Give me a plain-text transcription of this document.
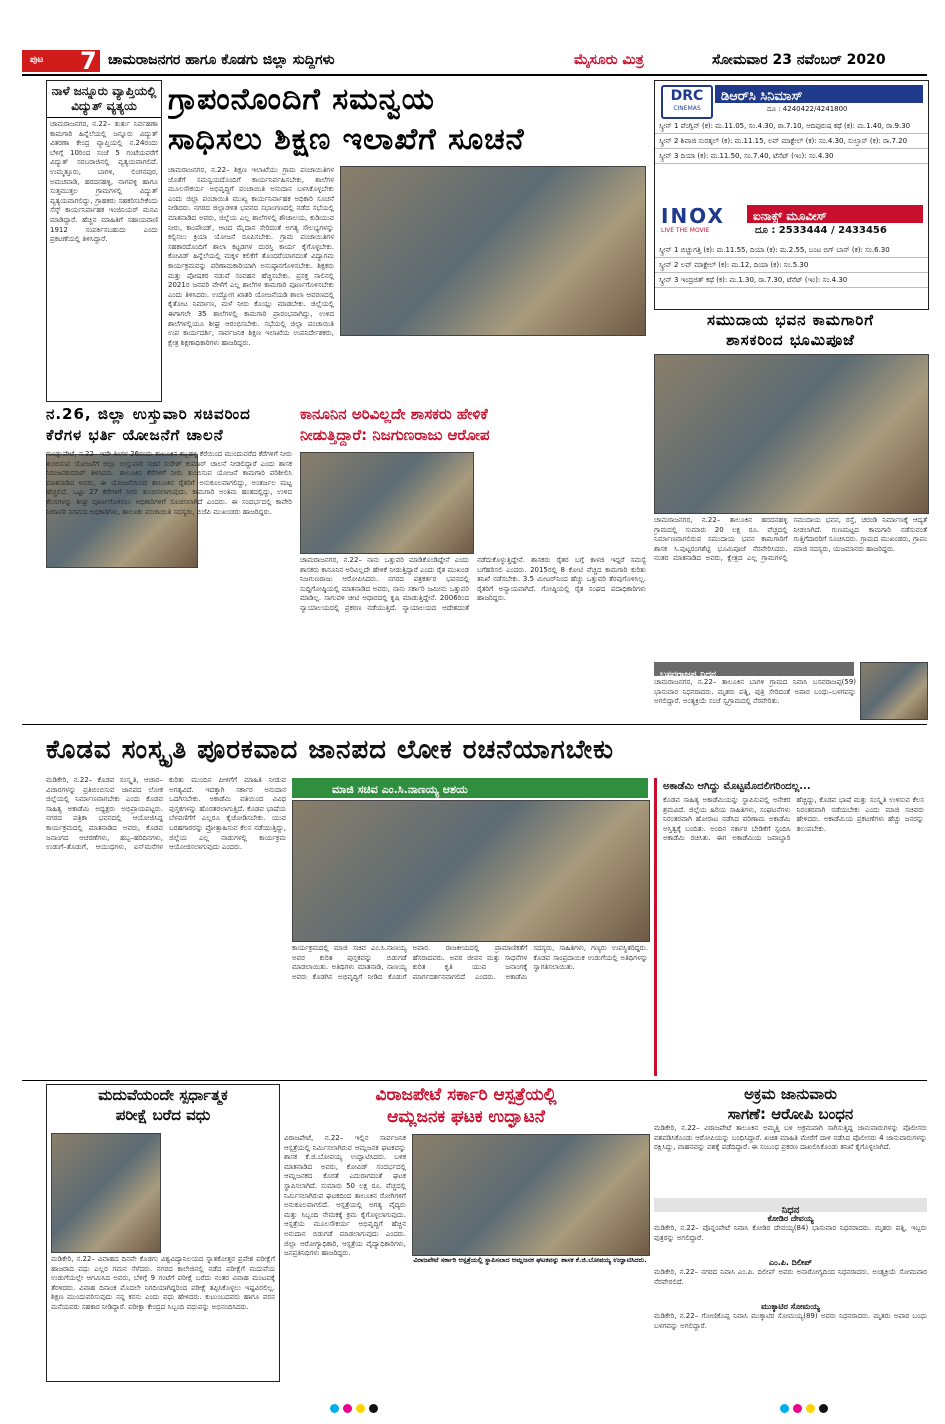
ಪುಟ 7 ಚಾಮರಾಜನಗರ ಹಾಗೂ ಕೊಡಗು ಜಿಲ್ಲಾ ಸುದ್ದಿಗಳು	ಮೈಸೂರು ಮಿತ್ರ	ಸೋಮವಾರ 23 ನವೆಂಬರ್ 2020
ನಾಳೆ ಜನ್ನೂರು ವ್ಯಾಪ್ತಿಯಲ್ಲಿ ವಿದ್ಯುತ್ ವ್ಯತ್ಯಯ
ಚಾಮರಾಜನಗರ, ನ.22– ತುರ್ತು ನಿರ್ವಹಣಾ ಕಾಮಗಾರಿ ಹಿನ್ನೆಲೆಯಲ್ಲಿ ಜನ್ನೂರು ವಿದ್ಯುತ್ ವಿತರಣಾ ಕೇಂದ್ರ ವ್ಯಾಪ್ತಿಯಲ್ಲಿ ನ.24ರಂದು ಬೆಳಿಗ್ಗೆ 10ರಿಂದ ಸಂಜೆ 5 ಗಂಟೆಯವರೆಗೆ ವಿದ್ಯುತ್ ಸರಬರಾಜಿನಲ್ಲಿ ವ್ಯತ್ಯಯವಾಗಲಿದೆ. ಉಮ್ಮತ್ತೂರು, ಬಾಗಳಿ, ಲಿಂಗನಪುರ, ಅಮಚವಾಡಿ, ಹರದನಹಳ್ಳಿ, ನಾಗವಳ್ಳಿ ಹಾಗೂ ಸುತ್ತಮುತ್ತಲ ಗ್ರಾಮಗಳಲ್ಲಿ ವಿದ್ಯುತ್ ವ್ಯತ್ಯಯವಾಗಲಿದ್ದು, ಗ್ರಾಹಕರು ಸಹಕರಿಸಬೇಕೆಂದು ಸೆಸ್ಕ್ ಕಾರ್ಯನಿರ್ವಾಹಕ ಇಂಜಿನಿಯರ್ ಮನವಿ ಮಾಡಿದ್ದಾರೆ. ಹೆಚ್ಚಿನ ಮಾಹಿತಿಗೆ ಸಹಾಯವಾಣಿ 1912 ಸಂಪರ್ಕಿಸಬಹುದು ಎಂದು ಪ್ರಕಟಣೆಯಲ್ಲಿ ತಿಳಿಸಿದ್ದಾರೆ.
ಗ್ರಾಪಂನೊಂದಿಗೆ ಸಮನ್ವಯ
ಸಾಧಿಸಲು ಶಿಕ್ಷಣ ಇಲಾಖೆಗೆ ಸೂಚನೆ
ಚಾಮರಾಜನಗರ, ನ.22– ಶಿಕ್ಷಣ ಇಲಾಖೆಯು ಗ್ರಾಮ ಪಂಚಾಯಿತಿಗಳ ಜೊತೆಗೆ ಸಮನ್ವಯದೊಂದಿಗೆ ಕಾರ್ಯನಿರ್ವಹಿಸಬೇಕು, ಶಾಲೆಗಳ ಮೂಲಸೌಕರ್ಯ ಅಭಿವೃದ್ಧಿಗೆ ಪಂಚಾಯಿತಿ ಅನುದಾನ ಬಳಸಿಕೊಳ್ಳಬೇಕು ಎಂದು ಜಿಲ್ಲಾ ಪಂಚಾಯಿತಿ ಮುಖ್ಯ ಕಾರ್ಯನಿರ್ವಾಹಕ ಅಧಿಕಾರಿ ಸೂಚನೆ ನೀಡಿದರು. ನಗರದ ಜಿಲ್ಲಾಡಳಿತ ಭವನದ ಸಭಾಂಗಣದಲ್ಲಿ ನಡೆದ ಸಭೆಯಲ್ಲಿ ಮಾತನಾಡಿದ ಅವರು, ಜಿಲ್ಲೆಯ ಎಲ್ಲ ಶಾಲೆಗಳಲ್ಲಿ ಶೌಚಾಲಯ, ಕುಡಿಯುವ ನೀರು, ಕಾಂಪೌಂಡ್, ಆಟದ ಮೈದಾನ ಸೇರಿದಂತೆ ಅಗತ್ಯ ಸೌಲಭ್ಯಗಳನ್ನು ಕಲ್ಪಿಸಲು ಕ್ರಿಯಾ ಯೋಜನೆ ರೂಪಿಸಬೇಕು. ಗ್ರಾಮ ಪಂಚಾಯಿತಿಗಳ ಸಹಕಾರದೊಂದಿಗೆ ಶಾಲಾ ಕಟ್ಟಡಗಳ ದುರಸ್ತಿ ಕಾರ್ಯ ಕೈಗೊಳ್ಳಬೇಕು. ಕೋವಿಡ್ ಹಿನ್ನೆಲೆಯಲ್ಲಿ ಮಕ್ಕಳ ಕಲಿಕೆಗೆ ತೊಂದರೆಯಾಗದಂತೆ ವಿದ್ಯಾಗಮ ಕಾರ್ಯಕ್ರಮವನ್ನು ಪರಿಣಾಮಕಾರಿಯಾಗಿ ಅನುಷ್ಠಾನಗೊಳಿಸಬೇಕು. ಶಿಕ್ಷಕರು ಮತ್ತು ಪೋಷಕರ ನಡುವೆ ಸಂವಹನ ಹೆಚ್ಚಿಸಬೇಕು. ಪ್ರಸಕ್ತ ಸಾಲಿನಲ್ಲಿ 2021ರ ಜನವರಿ ವೇಳೆಗೆ ಎಲ್ಲ ಶಾಲೆಗಳ ಕಾಮಗಾರಿ ಪೂರ್ಣಗೊಳಿಸಬೇಕು ಎಂದು ತಿಳಿಸಿದರು. ಉದ್ಯೋಗ ಖಾತರಿ ಯೋಜನೆಯಡಿ ಶಾಲಾ ಆವರಣದಲ್ಲಿ ಕೈತೋಟ ನಿರ್ಮಾಣ, ಮಳೆ ನೀರು ಕೊಯ್ಲು ಮಾಡಬೇಕು. ಜಿಲ್ಲೆಯಲ್ಲಿ ಈಗಾಗಲೇ 35 ಶಾಲೆಗಳಲ್ಲಿ ಕಾಮಗಾರಿ ಪ್ರಾರಂಭವಾಗಿದ್ದು, ಉಳಿದ ಶಾಲೆಗಳಲ್ಲಿಯೂ ಶೀಘ್ರ ಆರಂಭಿಸಬೇಕು. ಸಭೆಯಲ್ಲಿ ಜಿಲ್ಲಾ ಪಂಚಾಯಿತಿ ಉಪ ಕಾರ್ಯದರ್ಶಿ, ಸಾರ್ವಜನಿಕ ಶಿಕ್ಷಣ ಇಲಾಖೆಯ ಉಪನಿರ್ದೇಶಕರು, ಕ್ಷೇತ್ರ ಶಿಕ್ಷಣಾಧಿಕಾರಿಗಳು ಹಾಜರಿದ್ದರು.
DRC
CINEMAS
ಡಿಆರ್‌ಸಿ ಸಿನಿಮಾಸ್
ದೂ : 4240422/4241800
ಸ್ಕ್ರೀನ್ 1 ಪೆಂಗ್ವಿನ್ (ಕ): ಮ.11.05, ಸಂ.4.30, ರಾ.7.10, ಆದಿಪುರುಷ ಕಥೆ (ಕ): ಮ.1.40, ರಾ.9.30
ಸ್ಕ್ರೀನ್ 2 ಶಿವಾಜಿ ಸುರತ್ಕಲ್ (ಕ): ಮ.11.15, ಲವ್ ಮಾಕ್ಟೇಲ್ (ಕ): ಸಂ.4.30, ಸುಲ್ತಾನ್ (ಕ): ರಾ.7.20
ಸ್ಕ್ರೀನ್ 3 ದಿಯಾ (ಕ): ಮ.11.50, ಸಂ.7.40, ಟೆನೆಟ್ (ಇಂ): ಸಂ.4.30
INOX
LIVE THE MOVIE
ಐನಾಕ್ಸ್ ಮೂವೀಸ್
ದೂ : 2533444 / 2433456
ಸ್ಕ್ರೀನ್ 1 ಬಿಚ್ಚುಗತ್ತಿ (ಕ): ಮ.11.55, ದಿಯಾ (ಕ): ಮ.2.55, ಬಂಟ ಬಿಗ್ ಬಾಸ್ (ಕ): ಸಂ.6.30
ಸ್ಕ್ರೀನ್ 2 ಲವ್ ಮಾಕ್ಟೇಲ್ (ಕ): ಮ.12, ದಿಯಾ (ಕ): ಸಂ.5.30
ಸ್ಕ್ರೀನ್ 3 ಇಂದ್ರಜಿತ್ ಕಥೆ (ಕ): ಮ.1.30, ರಾ.7.30, ಟೆನೆಟ್ (ಇಂ): ಸಂ.4.30
ಸಮುದಾಯ ಭವನ ಕಾಮಗಾರಿಗೆ
ಶಾಸಕರಿಂದ ಭೂಮಿಪೂಜೆ
ಚಾಮರಾಜನಗರ, ನ.22– ತಾಲೂಕಿನ ಹರದನಹಳ್ಳಿ ಗ್ರಾಮದಲ್ಲಿ ಸುಮಾರು 20 ಲಕ್ಷ ರೂ. ವೆಚ್ಚದಲ್ಲಿ ನಿರ್ಮಾಣವಾಗಲಿರುವ ಸಮುದಾಯ ಭವನ ಕಾಮಗಾರಿಗೆ ಶಾಸಕ ಸಿ.ಪುಟ್ಟರಂಗಶೆಟ್ಟಿ ಭೂಮಿಪೂಜೆ ನೆರವೇರಿಸಿದರು. ನಂತರ ಮಾತನಾಡಿದ ಅವರು, ಕ್ಷೇತ್ರದ ಎಲ್ಲ ಗ್ರಾಮಗಳಲ್ಲಿ ಸಮುದಾಯ ಭವನ, ರಸ್ತೆ, ಚರಂಡಿ ನಿರ್ಮಾಣಕ್ಕೆ ಆದ್ಯತೆ ನೀಡಲಾಗಿದೆ. ಗುಣಮಟ್ಟದ ಕಾಮಗಾರಿ ನಡೆಸುವಂತೆ ಗುತ್ತಿಗೆದಾರರಿಗೆ ಸೂಚಿಸಿದರು. ಗ್ರಾಮದ ಮುಖಂಡರು, ಗ್ರಾಪಂ ಮಾಜಿ ಸದಸ್ಯರು, ಯಜಮಾನರು ಹಾಜರಿದ್ದರು.
ಬಸವರಾಜಪ್ಪ ನಿಧನ
ಚಾಮರಾಜನಗರ, ನ.22– ತಾಲೂಕಿನ ಬಾಗಳಿ ಗ್ರಾಮದ ನಿವಾಸಿ ಬಸವರಾಜಪ್ಪ(59) ಭಾನುವಾರ ನಿಧನರಾದರು. ಮೃತರು ಪತ್ನಿ, ಪುತ್ರಿ ಸೇರಿದಂತೆ ಅಪಾರ ಬಂಧು–ಬಳಗವನ್ನು ಅಗಲಿದ್ದಾರೆ. ಅಂತ್ಯಕ್ರಿಯೆ ಸಂಜೆ ಸ್ವಗ್ರಾಮದಲ್ಲಿ ನೆರವೇರಿತು.
ನ.26, ಜಿಲ್ಲಾ ಉಸ್ತುವಾರಿ ಸಚಿವರಿಂದ
ಕೆರೆಗಳ ಭರ್ತಿ ಯೋಜನೆಗೆ ಚಾಲನೆ
ಗುಂಡ್ಲುಪೇಟೆ, ನ.22– ಇದೇ ತಿಂಗಳ 26ರಂದು ತಾಲೂಕಿನ ಕಬ್ಬಹಳ್ಳಿ ಕೆರೆಯಿಂದ ಮುಂದುವರೆದ ಕೆರೆಗಳಿಗೆ ನೀರು ತುಂಬಿಸುವ ಯೋಜನೆಗೆ ಜಿಲ್ಲಾ ಉಸ್ತುವಾರಿ ಸಚಿವ ಸುರೇಶ್ ಕುಮಾರ್ ಚಾಲನೆ ನೀಡಲಿದ್ದಾರೆ ಎಂದು ಶಾಸಕ ನಿರಂಜನಕುಮಾರ್ ತಿಳಿಸಿದರು. ತಾಲೂಕಿನ ಕೆರೆಗಳಿಗೆ ನೀರು ತುಂಬಿಸುವ ಯೋಜನೆ ಕಾಮಗಾರಿ ಪರಿಶೀಲಿಸಿ ಮಾತನಾಡಿದ ಅವರು, ಈ ಯೋಜನೆಯಿಂದ ತಾಲೂಕಿನ ರೈತರಿಗೆ ಅನುಕೂಲವಾಗಲಿದ್ದು, ಅಂತರ್ಜಲ ಮಟ್ಟ ಹೆಚ್ಚಲಿದೆ. ಒಟ್ಟು 27 ಕೆರೆಗಳಿಗೆ ನೀರು ತುಂಬಿಸಲಾಗುವುದು. ಕಾಮಗಾರಿ ಅಂತಿಮ ಹಂತದಲ್ಲಿದ್ದು, ಉಳಿದ ಕೆಲಸಗಳನ್ನು ಶೀಘ್ರ ಪೂರ್ಣಗೊಳಿಸಲು ಅಧಿಕಾರಿಗಳಿಗೆ ಸೂಚಿಸಲಾಗಿದೆ ಎಂದರು. ಈ ಸಂದರ್ಭದಲ್ಲಿ ಕಾವೇರಿ ನೀರಾವರಿ ನಿಗಮದ ಅಧಿಕಾರಿಗಳು, ತಾಲೂಕು ಪಂಚಾಯಿತಿ ಸದಸ್ಯರು, ಬಿಜೆಪಿ ಮುಖಂಡರು ಹಾಜರಿದ್ದರು.
ಕಾನೂನಿನ ಅರಿವಿಲ್ಲದೇ ಶಾಸಕರು ಹೇಳಿಕೆ
ನೀಡುತ್ತಿದ್ದಾರೆ: ನಿಜಗುಣರಾಜು ಆರೋಪ
ಚಾಮರಾಜನಗರ, ನ.22– ನಾನು ಒತ್ತುವರಿ ಮಾಡಿಕೊಂಡಿದ್ದೇನೆ ಎಂದು ಶಾಸಕರು ಕಾನೂನಿನ ಅರಿವಿಲ್ಲದೇ ಹೇಳಿಕೆ ನೀಡುತ್ತಿದ್ದಾರೆ ಎಂದು ರೈತ ಮುಖಂಡ ನಿಜಗುಣರಾಜು ಆರೋಪಿಸಿದರು. ನಗರದ ಪತ್ರಕರ್ತರ ಭವನದಲ್ಲಿ ಸುದ್ದಿಗೋಷ್ಠಿಯಲ್ಲಿ ಮಾತನಾಡಿದ ಅವರು, ನಾನು ಸರ್ಕಾರಿ ಜಮೀನು ಒತ್ತುವರಿ ಮಾಡಿಲ್ಲ. ಸಾಗುವಳಿ ಚೀಟಿ ಆಧಾರದಲ್ಲಿ ಕೃಷಿ ಮಾಡುತ್ತಿದ್ದೇನೆ. 2006ರಿಂದ ನ್ಯಾಯಾಲಯದಲ್ಲಿ ಪ್ರಕರಣ ನಡೆಯುತ್ತಿದೆ. ನ್ಯಾಯಾಲಯದ ಆದೇಶದಂತೆ ನಡೆದುಕೊಳ್ಳುತ್ತಿದ್ದೇನೆ. ಶಾಸಕರು ರೈತರ ಬಗ್ಗೆ ಕಾಳಜಿ ಇದ್ದರೆ ಸಮಸ್ಯೆ ಬಗೆಹರಿಸಲಿ ಎಂದರು. 2015ರಲ್ಲಿ 8 ಕೋಟಿ ವೆಚ್ಚದ ಕಾಮಗಾರಿ ಕುರಿತು ತನಿಖೆ ನಡೆಸಬೇಕು. 3.5 ಮೀಟರ್‌ನಿಂದ ಹೆಚ್ಚು ಒತ್ತುವರಿ ತೆರವುಗೊಳಿಸಿಲ್ಲ. ರೈತರಿಗೆ ಅನ್ಯಾಯವಾಗಿದೆ. ಗೋಷ್ಠಿಯಲ್ಲಿ ರೈತ ಸಂಘದ ಪದಾಧಿಕಾರಿಗಳು ಹಾಜರಿದ್ದರು.
ಕೊಡವ ಸಂಸ್ಕೃತಿ ಪೂರಕವಾದ ಜಾನಪದ ಲೋಕ ರಚನೆಯಾಗಬೇಕು
ಮಡಿಕೇರಿ, ನ.22– ಕೊಡವ ಸಂಸ್ಕೃತಿ, ಆಚಾರ–ವಿಚಾರಗಳನ್ನು ಪ್ರತಿಬಿಂಬಿಸುವ ಜಾನಪದ ಲೋಕ ಜಿಲ್ಲೆಯಲ್ಲಿ ನಿರ್ಮಾಣವಾಗಬೇಕು ಎಂದು ಕೊಡವ ಸಾಹಿತ್ಯ ಅಕಾಡೆಮಿ ಅಧ್ಯಕ್ಷರು ಅಭಿಪ್ರಾಯಪಟ್ಟರು. ನಗರದ ಪತ್ರಿಕಾ ಭವನದಲ್ಲಿ ಆಯೋಜಿಸಿದ್ದ ಕಾರ್ಯಕ್ರಮದಲ್ಲಿ ಮಾತನಾಡಿದ ಅವರು, ಕೊಡವ ಜನಾಂಗದ ಆಚರಣೆಗಳು, ಹಬ್ಬ–ಹರಿದಿನಗಳು, ಉಡುಗೆ–ತೊಡುಗೆ, ಆಯುಧಗಳು, ಐನ್‌ಮನೆಗಳ ಕುರಿತು ಮುಂದಿನ ಪೀಳಿಗೆಗೆ ಮಾಹಿತಿ ನೀಡುವ ಅಗತ್ಯವಿದೆ. ಇದಕ್ಕಾಗಿ ಸರ್ಕಾರ ಅನುದಾನ ಒದಗಿಸಬೇಕು. ಅಕಾಡೆಮಿ ವತಿಯಿಂದ ವಿವಿಧ ಪುಸ್ತಕಗಳನ್ನು ಹೊರತರಲಾಗುತ್ತಿದೆ. ಕೊಡವ ಭಾಷೆಯ ಬೆಳವಣಿಗೆಗೆ ಎಲ್ಲರೂ ಕೈಜೋಡಿಸಬೇಕು. ಯುವ ಬರಹಗಾರರನ್ನು ಪ್ರೋತ್ಸಾಹಿಸುವ ಕೆಲಸ ನಡೆಯುತ್ತಿದ್ದು, ಜಿಲ್ಲೆಯ ಎಲ್ಲ ನಾಡುಗಳಲ್ಲಿ ಕಾರ್ಯಕ್ರಮ ಆಯೋಜಿಸಲಾಗುವುದು ಎಂದರು.
ಮಾಜಿ ಸಚಿವ ಎಂ.ಸಿ.ನಾಣಯ್ಯ ಆಶಯ
ಕಾರ್ಯಕ್ರಮದಲ್ಲಿ ಮಾಜಿ ಸಚಿವ ಎಂ.ಸಿ.ನಾಣಯ್ಯ ಅವರ ಕುರಿತ ಪುಸ್ತಕವನ್ನು ಬಿಡುಗಡೆ ಮಾಡಲಾಯಿತು. ಅತಿಥಿಗಳು ಮಾತನಾಡಿ, ನಾಣಯ್ಯ ಅವರು ಕೊಡಗಿನ ಅಭಿವೃದ್ಧಿಗೆ ನೀಡಿದ ಕೊಡುಗೆ ಅಪಾರ. ರಾಜಕೀಯದಲ್ಲಿ ಪ್ರಾಮಾಣಿಕತೆಗೆ ಹೆಸರಾದವರು. ಅವರ ಜೀವನ ಮತ್ತು ಸಾಧನೆಗಳ ಕುರಿತ ಕೃತಿ ಯುವ ಜನಾಂಗಕ್ಕೆ ಮಾರ್ಗದರ್ಶನವಾಗಲಿದೆ ಎಂದರು. ಅಕಾಡೆಮಿ ಸದಸ್ಯರು, ಸಾಹಿತಿಗಳು, ಗಣ್ಯರು ಉಪಸ್ಥಿತರಿದ್ದರು. ಕೊಡವ ಸಾಂಪ್ರದಾಯಿಕ ಉಡುಗೆಯಲ್ಲಿ ಅತಿಥಿಗಳನ್ನು ಸ್ವಾಗತಿಸಲಾಯಿತು.
ಅಕಾಡೆಮಿ ಆಗಿದ್ದು ಮೊಟ್ಟಮೊದಲಿಗರಿಂದಲ್ಲ...
ಕೊಡವ ಸಾಹಿತ್ಯ ಅಕಾಡೆಮಿಯನ್ನು ಸ್ಥಾಪಿಸುವಲ್ಲಿ ಅನೇಕರ ಶ್ರಮವಿದೆ. ಜಿಲ್ಲೆಯ ಹಿರಿಯ ಸಾಹಿತಿಗಳು, ಸಂಘಟನೆಗಳು ನಿರಂತರವಾಗಿ ಹೋರಾಟ ನಡೆಸಿದ ಪರಿಣಾಮ ಅಕಾಡೆಮಿ ಅಸ್ತಿತ್ವಕ್ಕೆ ಬಂದಿತು. ಅಂದಿನ ಸರ್ಕಾರ ಬೇಡಿಕೆಗೆ ಸ್ಪಂದಿಸಿ ಅಕಾಡೆಮಿ ರಚಿಸಿತು. ಈಗ ಅಕಾಡೆಮಿಯ ಜವಾಬ್ದಾರಿ ಹೆಚ್ಚಿದ್ದು, ಕೊಡವ ಭಾಷೆ ಮತ್ತು ಸಂಸ್ಕೃತಿ ಉಳಿಸುವ ಕೆಲಸ ನಿರಂತರವಾಗಿ ನಡೆಯಬೇಕು ಎಂದು ಮಾಜಿ ಸಚಿವರು ಹೇಳಿದರು. ಅಕಾಡೆಮಿಯ ಪ್ರಕಟಣೆಗಳು ಹೆಚ್ಚು ಜನರನ್ನು ತಲುಪಬೇಕು.
ಮದುವೆಯಂದೇ ಸ್ಪರ್ಧಾತ್ಮಕ
ಪರೀಕ್ಷೆ ಬರೆದ ವಧು
ಮಡಿಕೇರಿ, ನ.22– ವಿವಾಹದ ದಿನವೇ ಕೊಡಗು ವಿಶ್ವವಿದ್ಯಾನಿಲಯದ ಸ್ನಾತಕೋತ್ತರ ಪ್ರವೇಶ ಪರೀಕ್ಷೆಗೆ ಹಾಜರಾದ ವಧು ಎಲ್ಲರ ಗಮನ ಸೆಳೆದರು. ನಗರದ ಕಾಲೇಜಿನಲ್ಲಿ ನಡೆದ ಪರೀಕ್ಷೆಗೆ ಮದುವೆಯ ಉಡುಗೆಯಲ್ಲೇ ಆಗಮಿಸಿದ ಅವರು, ಬೆಳಿಗ್ಗೆ 9 ಗಂಟೆಗೆ ಪರೀಕ್ಷೆ ಬರೆದು ನಂತರ ವಿವಾಹ ಮಂಟಪಕ್ಕೆ ತೆರಳಿದರು. ವಿವಾಹ ದಿನಾಂಕ ಮೊದಲೇ ನಿಗದಿಯಾಗಿದ್ದರಿಂದ ಪರೀಕ್ಷೆ ತಪ್ಪಿಸಿಕೊಳ್ಳಲು ಇಷ್ಟವಿರಲಿಲ್ಲ. ಶಿಕ್ಷಣ ಮುಂದುವರಿಸುವುದು ನನ್ನ ಕನಸು ಎಂದು ವಧು ಹೇಳಿದರು. ಕುಟುಂಬದವರು ಹಾಗೂ ವರನ ಮನೆಯವರು ಸಹಕಾರ ನೀಡಿದ್ದಾರೆ. ಪರೀಕ್ಷಾ ಕೇಂದ್ರದ ಸಿಬ್ಬಂದಿ ವಧುವನ್ನು ಅಭಿನಂದಿಸಿದರು.
ವಿರಾಜಪೇಟೆ ಸರ್ಕಾರಿ ಆಸ್ಪತ್ರೆಯಲ್ಲಿ
ಆಮ್ಲಜನಕ ಘಟಕ ಉದ್ಘಾಟನೆ
ವಿರಾಜಪೇಟೆ ಸರ್ಕಾರಿ ಆಸ್ಪತ್ರೆಯಲ್ಲಿ ಸ್ಥಾಪಿಸಲಾದ ಆಮ್ಲಜನಕ ಘಟಕವನ್ನು ಶಾಸಕ ಕೆ.ಜಿ.ಬೋಪಯ್ಯ ಉದ್ಘಾಟಿಸಿದರು.
ವಿರಾಜಪೇಟೆ, ನ.22– ಇಲ್ಲಿನ ಸಾರ್ವಜನಿಕ ಆಸ್ಪತ್ರೆಯಲ್ಲಿ ನಿರ್ಮಿಸಲಾಗಿರುವ ಆಮ್ಲಜನಕ ಘಟಕವನ್ನು ಶಾಸಕ ಕೆ.ಜಿ.ಬೋಪಯ್ಯ ಉದ್ಘಾಟಿಸಿದರು. ಬಳಿಕ ಮಾತನಾಡಿದ ಅವರು, ಕೋವಿಡ್ ಸಂದರ್ಭದಲ್ಲಿ ಆಮ್ಲಜನಕದ ಕೊರತೆ ಎದುರಾಗದಂತೆ ಘಟಕ ಸ್ಥಾಪಿಸಲಾಗಿದೆ. ಸುಮಾರು 50 ಲಕ್ಷ ರೂ. ವೆಚ್ಚದಲ್ಲಿ ನಿರ್ಮಿಸಲಾಗಿರುವ ಘಟಕದಿಂದ ತಾಲೂಕಿನ ರೋಗಿಗಳಿಗೆ ಅನುಕೂಲವಾಗಲಿದೆ. ಆಸ್ಪತ್ರೆಯಲ್ಲಿ ಅಗತ್ಯ ವೈದ್ಯರು ಮತ್ತು ಸಿಬ್ಬಂದಿ ನೇಮಕಕ್ಕೆ ಕ್ರಮ ಕೈಗೊಳ್ಳಲಾಗುವುದು. ಆಸ್ಪತ್ರೆಯ ಮೂಲಸೌಕರ್ಯ ಅಭಿವೃದ್ಧಿಗೆ ಹೆಚ್ಚಿನ ಅನುದಾನ ಬಿಡುಗಡೆ ಮಾಡಲಾಗುವುದು ಎಂದರು. ಜಿಲ್ಲಾ ಆರೋಗ್ಯಾಧಿಕಾರಿ, ಆಸ್ಪತ್ರೆಯ ವೈದ್ಯಾಧಿಕಾರಿಗಳು, ಜನಪ್ರತಿನಿಧಿಗಳು ಹಾಜರಿದ್ದರು.
ಅಕ್ರಮ ಜಾನುವಾರು
ಸಾಗಣೆ: ಆರೋಪಿ ಬಂಧನ
ಮಡಿಕೇರಿ, ನ.22– ವಿರಾಜಪೇಟೆ ತಾಲೂಕಿನ ಅಮ್ಮತ್ತಿ ಬಳಿ ಅಕ್ರಮವಾಗಿ ಸಾಗಿಸುತ್ತಿದ್ದ ಜಾನುವಾರುಗಳನ್ನು ಪೊಲೀಸರು ವಶಪಡಿಸಿಕೊಂಡು ಆರೋಪಿಯನ್ನು ಬಂಧಿಸಿದ್ದಾರೆ. ಖಚಿತ ಮಾಹಿತಿ ಮೇರೆಗೆ ದಾಳಿ ನಡೆಸಿದ ಪೊಲೀಸರು 4 ಜಾನುವಾರುಗಳನ್ನು ರಕ್ಷಿಸಿದ್ದು, ವಾಹನವನ್ನು ವಶಕ್ಕೆ ಪಡೆದಿದ್ದಾರೆ. ಈ ಸಂಬಂಧ ಪ್ರಕರಣ ದಾಖಲಿಸಿಕೊಂಡು ತನಿಖೆ ಕೈಗೊಳ್ಳಲಾಗಿದೆ.
ನಿಧನ
ಕೋಡಿರ ದೇವಯ್ಯ
ಮಡಿಕೇರಿ, ನ.22– ಪೊನ್ನಂಪೇಟೆ ನಿವಾಸಿ ಕೋಡಿರ ದೇವಯ್ಯ(84) ಭಾನುವಾರ ನಿಧನರಾದರು. ಮೃತರು ಪತ್ನಿ, ಇಬ್ಬರು ಪುತ್ರರನ್ನು ಅಗಲಿದ್ದಾರೆ.
ಎಂ.ಪಿ. ದಿಲೀಪ್
ಮಡಿಕೇರಿ, ನ.22– ನಗರದ ನಿವಾಸಿ ಎಂ.ಪಿ. ದಿಲೀಪ್ ಅವರು ಅನಾರೋಗ್ಯದಿಂದ ನಿಧನರಾದರು. ಅಂತ್ಯಕ್ರಿಯೆ ಸೋಮವಾರ ನೆರವೇರಲಿದೆ.
ಮುಕ್ಕಾಟಿರ ಸೋಮಯ್ಯ
ಮಡಿಕೇರಿ, ನ.22– ಗೋಣಿಕೊಪ್ಪ ನಿವಾಸಿ ಮುಕ್ಕಾಟಿರ ಸೋಮಯ್ಯ(89) ಅವರು ನಿಧನರಾದರು. ಮೃತರು ಅಪಾರ ಬಂಧು ಬಳಗವನ್ನು ಅಗಲಿದ್ದಾರೆ.
